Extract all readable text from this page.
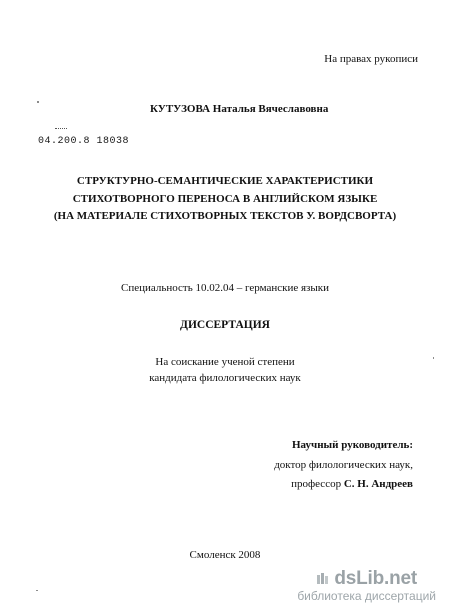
На правах рукописи
КУТУЗОВА Наталья Вячеславовна
04.200.8 18038
СТРУКТУРНО-СЕМАНТИЧЕСКИЕ ХАРАКТЕРИСТИКИ
СТИХОТВОРНОГО ПЕРЕНОСА В АНГЛИЙСКОМ ЯЗЫКЕ
(НА МАТЕРИАЛЕ СТИХОТВОРНЫХ ТЕКСТОВ У. ВОРДСВОРТА)
Специальность 10.02.04 – германские языки
ДИССЕРТАЦИЯ
На соискание ученой степени
кандидата филологических наук
Научный руководитель:
доктор филологических наук,
профессор С. Н. Андреев
Смоленск 2008
dsLib.net
библиотека диссертаций
